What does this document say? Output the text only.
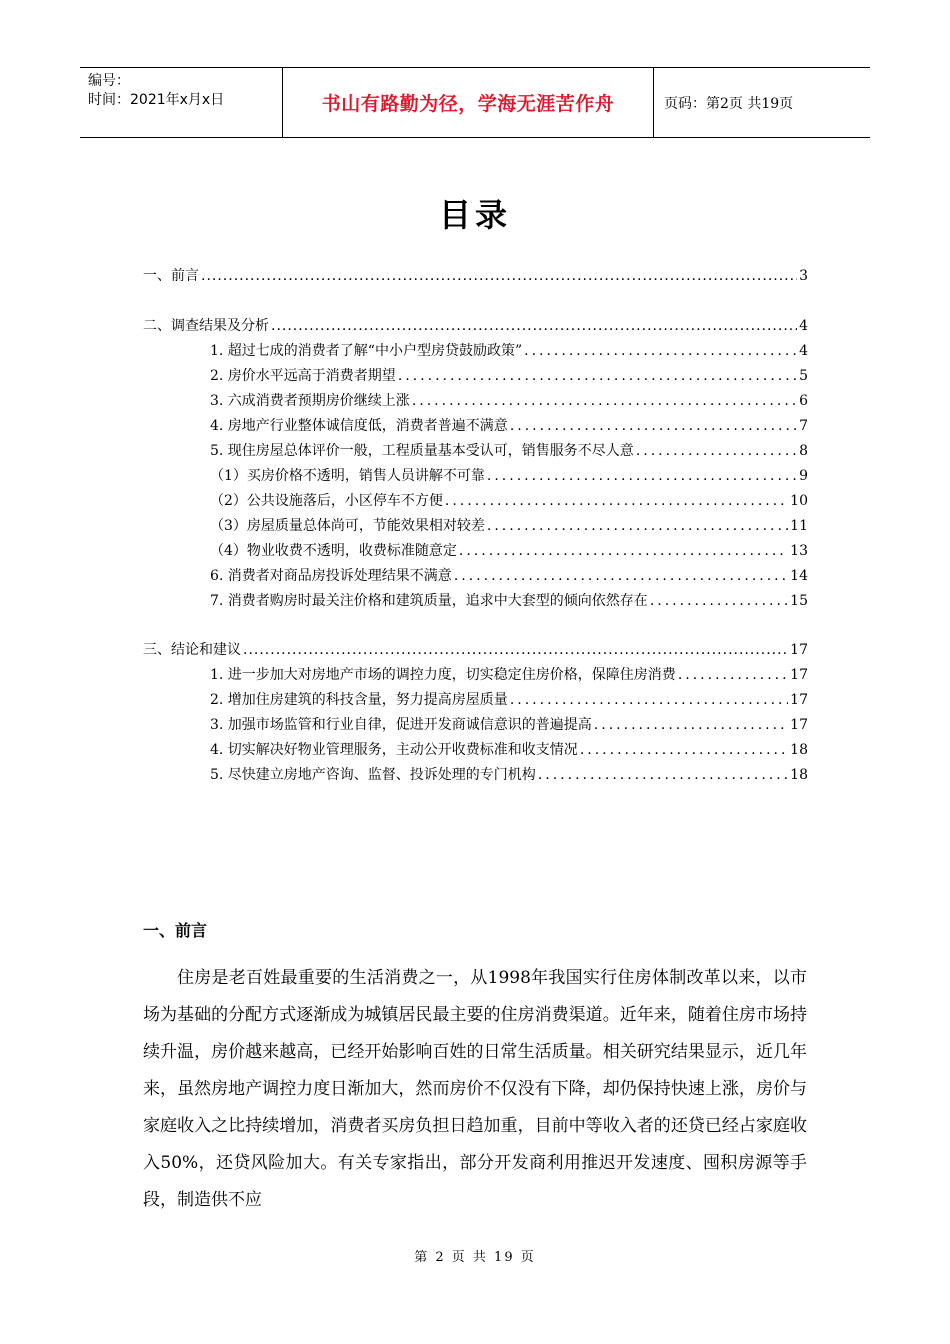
编号：
时间：2021年x月x日	书山有路勤为径，学海无涯苦作舟	页码：第2页 共19页
目录
一、前言 .....	3
二、调查结果及分析 .....	4
1. 超过七成的消费者了解“中小户型房贷鼓励政策” .....	4
2. 房价水平远高于消费者期望 .....	5
3. 六成消费者预期房价继续上涨 .....	6
4. 房地产行业整体诚信度低，消费者普遍不满意 .....	7
5. 现住房屋总体评价一般，工程质量基本受认可，销售服务不尽人意 .....	8
（1）买房价格不透明，销售人员讲解不可靠 .....	9
（2）公共设施落后，小区停车不方便 .....	10
（3）房屋质量总体尚可，节能效果相对较差 .....	11
（4）物业收费不透明，收费标准随意定 .....	13
6. 消费者对商品房投诉处理结果不满意 .....	14
7. 消费者购房时最关注价格和建筑质量，追求中大套型的倾向依然存在 .....	15
三、结论和建议 .....	17
1. 进一步加大对房地产市场的调控力度，切实稳定住房价格，保障住房消费 .....	17
2. 增加住房建筑的科技含量，努力提高房屋质量 .....	17
3. 加强市场监管和行业自律，促进开发商诚信意识的普遍提高 .....	17
4. 切实解决好物业管理服务，主动公开收费标准和收支情况 .....	18
5. 尽快建立房地产咨询、监督、投诉处理的专门机构 .....	18
一、前言

住房是老百姓最重要的生活消费之一，从1998年我国实行住房体制改革以来，以市场为基础的分配方式逐渐成为城镇居民最主要的住房消费渠道。近年来，随着住房市场持续升温，房价越来越高，已经开始影响百姓的日常生活质量。相关研究结果显示，近几年来，虽然房地产调控力度日渐加大，然而房价不仅没有下降，却仍保持快速上涨，房价与家庭收入之比持续增加，消费者买房负担日趋加重，目前中等收入者的还贷已经占家庭收入50%，还贷风险加大。有关专家指出，部分开发商利用推迟开发速度、囤积房源等手段，制造供不应

第 2 页 共 19 页
